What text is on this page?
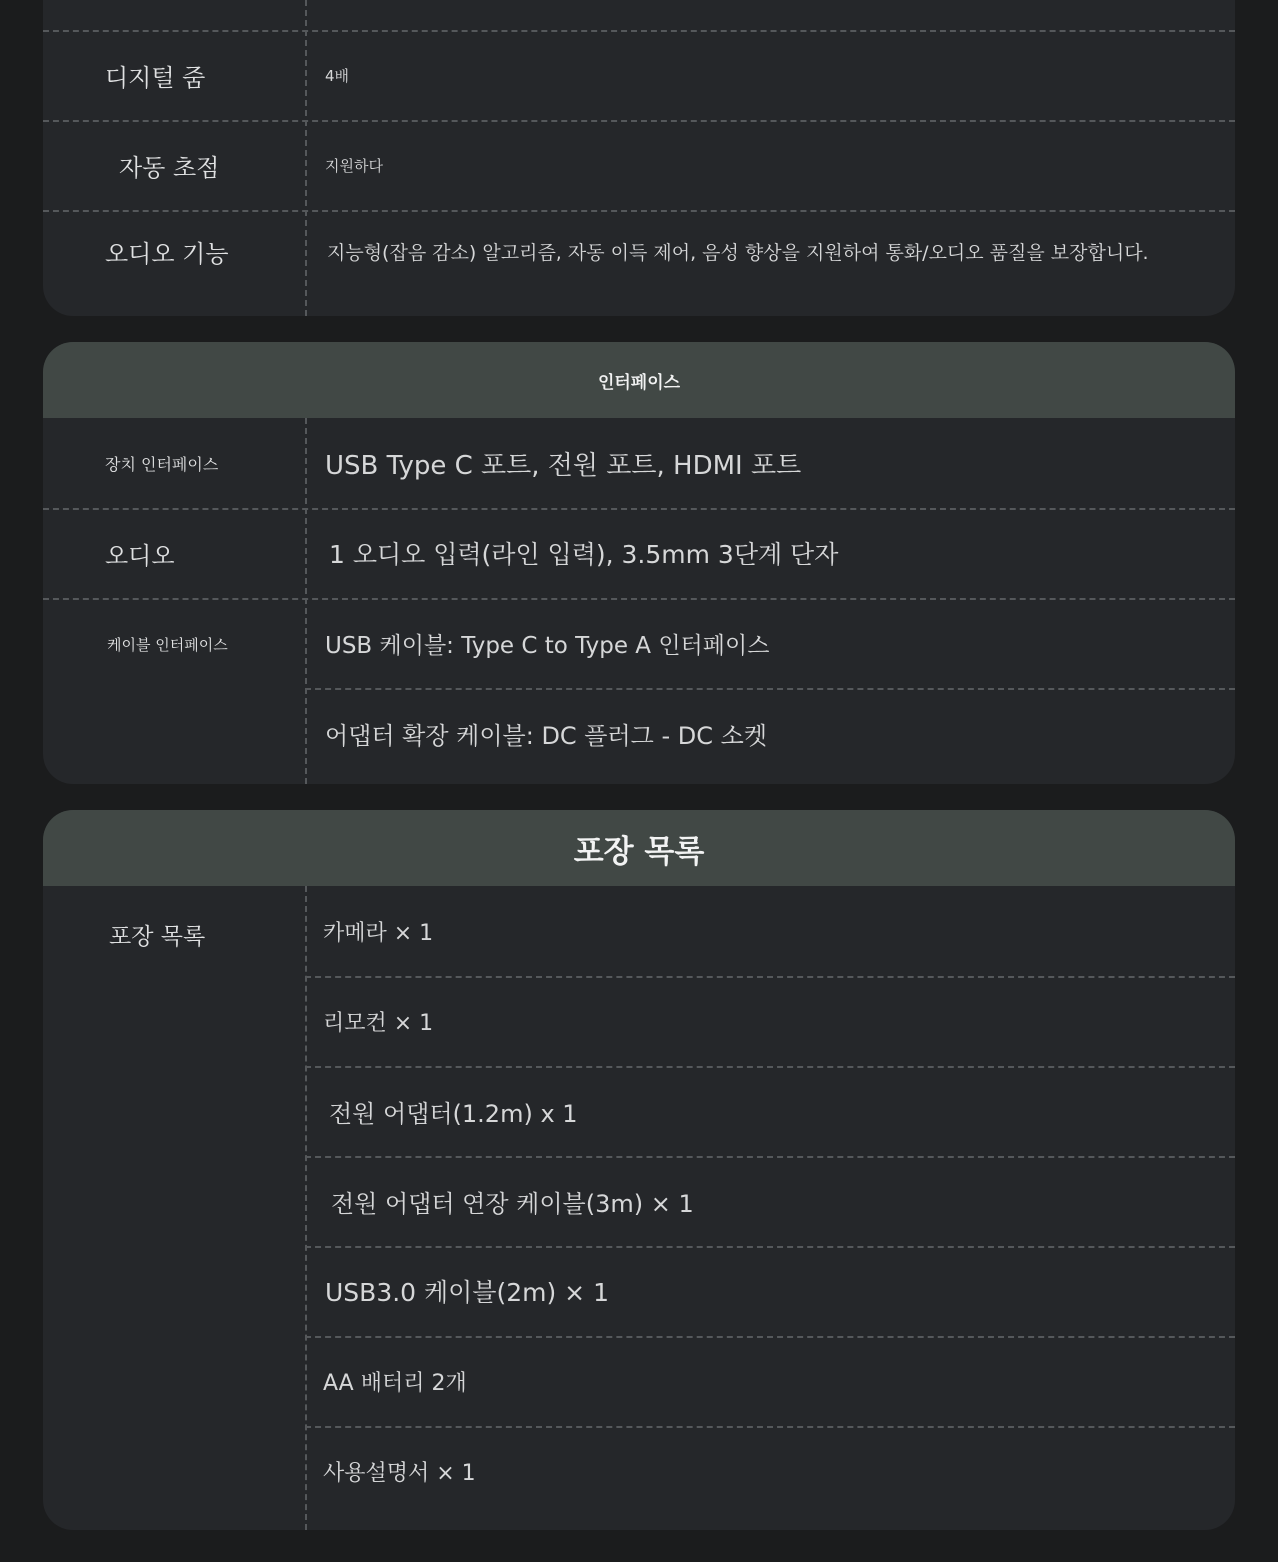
디지털 줌	4배
자동 초점	지원하다
오디오 기능	지능형(잡음 감소) 알고리즘, 자동 이득 제어, 음성 향상을 지원하여 통화/오디오 품질을 보장합니다.
인터페이스
장치 인터페이스	USB Type C 포트, 전원 포트, HDMI 포트
오디오	1 오디오 입력(라인 입력), 3.5mm 3단계 단자
케이블 인터페이스	USB 케이블: Type C to Type A 인터페이스
어댑터 확장 케이블: DC 플러그 - DC 소켓
포장 목록
포장 목록	카메라 × 1
리모컨 × 1
전원 어댑터(1.2m) x 1
전원 어댑터 연장 케이블(3m) × 1
USB3.0 케이블(2m) × 1
AA 배터리 2개
사용설명서 × 1
